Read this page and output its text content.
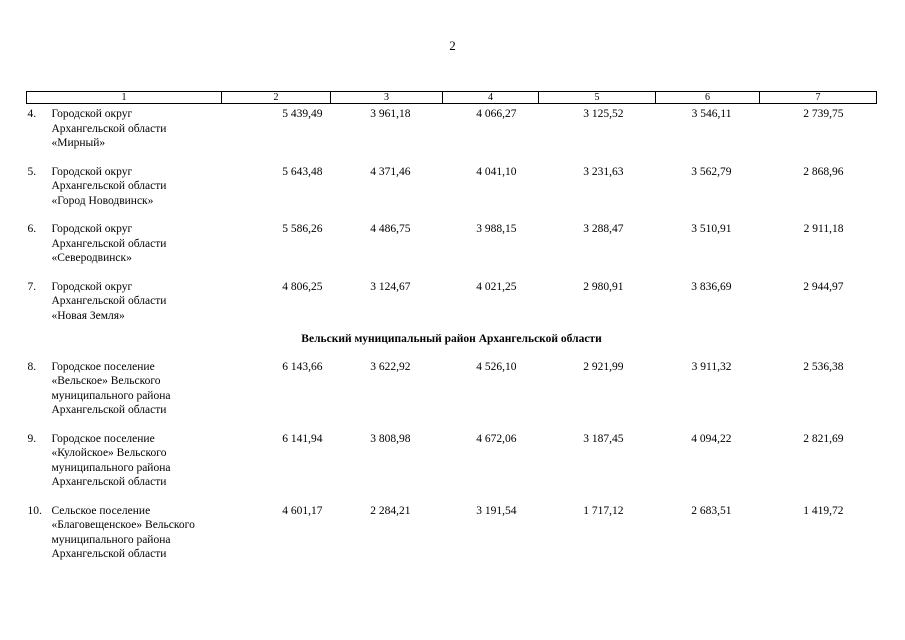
2
1	2	3	4	5	6	7

4. Городской округ
Архангельской области
«Мирный»	5 439,49	3 961,18	4 066,27	3 125,52	3 546,11	2 739,75

5. Городской округ
Архангельской области
«Город Новодвинск»	5 643,48	4 371,46	4 041,10	3 231,63	3 562,79	2 868,96

6. Городской округ
Архангельской области
«Северодвинск»	5 586,26	4 486,75	3 988,15	3 288,47	3 510,91	2 911,18

7. Городской округ
Архангельской области
«Новая Земля»	4 806,25	3 124,67	4 021,25	2 980,91	3 836,69	2 944,97
Вельский муниципальный район Архангельской области						

8. Городское поселение
«Вельское» Вельского
муниципального района
Архангельской области	6 143,66	3 622,92	4 526,10	2 921,99	3 911,32	2 536,38

9. Городское поселение
«Кулойское» Вельского
муниципального района
Архангельской области	6 141,94	3 808,98	4 672,06	3 187,45	4 094,22	2 821,69

10. Сельское поселение
«Благовещенское» Вельского
муниципального района
Архангельской области	4 601,17	2 284,21	3 191,54	1 717,12	2 683,51	1 419,72
